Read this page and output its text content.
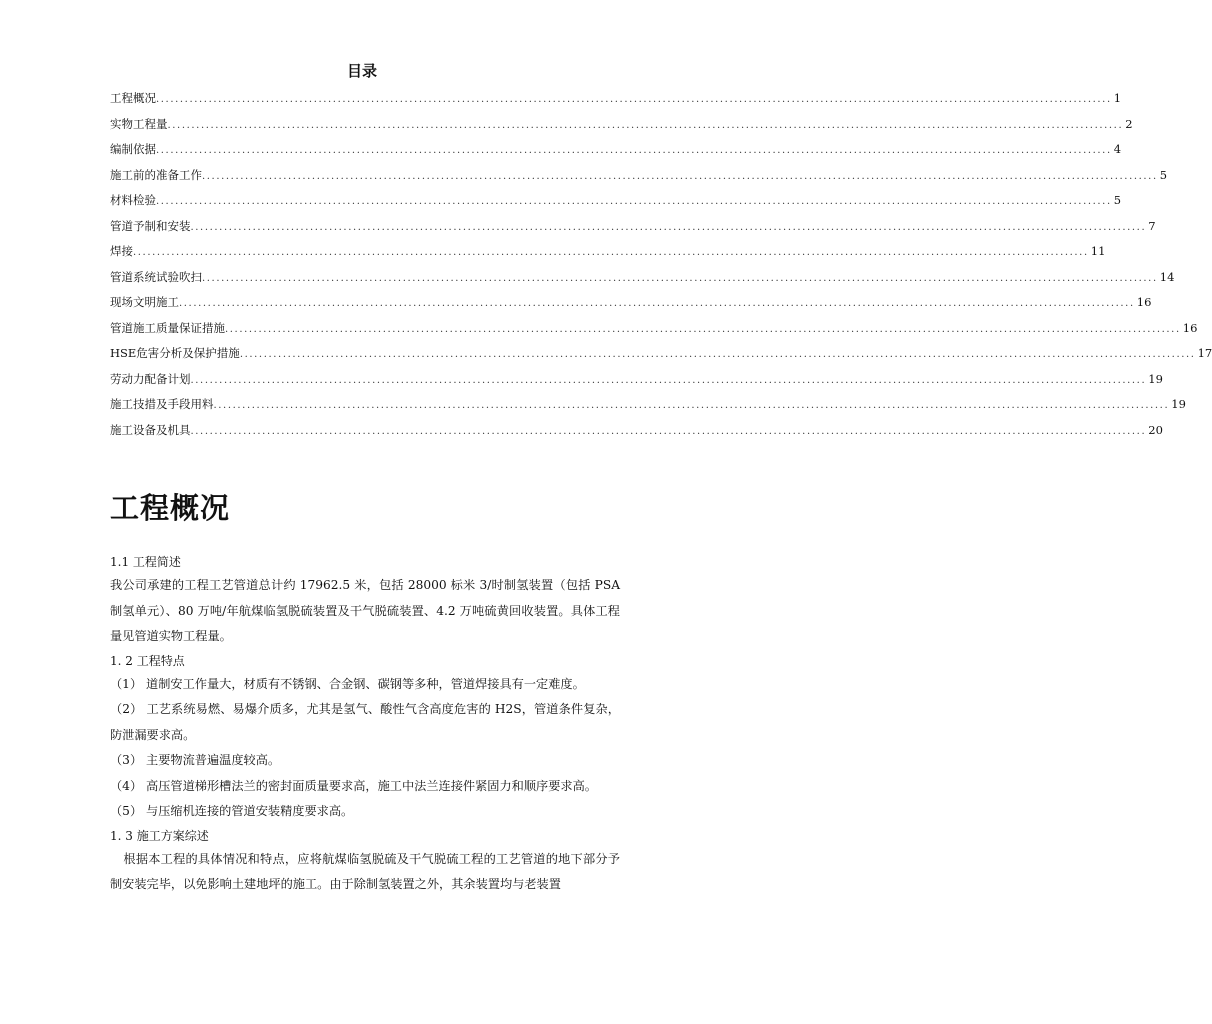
目录
工程概况 ........................................................................................................................................................................................................ 1
实物工程量 ........................................................................................................................................................................................................ 2
编制依据 ........................................................................................................................................................................................................ 4
施工前的准备工作 ........................................................................................................................................................................................................ 5
材料检验 ........................................................................................................................................................................................................ 5
管道予制和安装 ........................................................................................................................................................................................................ 7
焊接 ........................................................................................................................................................................................................ 11
管道系统试验吹扫 ........................................................................................................................................................................................................ 14
现场文明施工 ........................................................................................................................................................................................................ 16
管道施工质量保证措施 ........................................................................................................................................................................................................ 16
HSE危害分析及保护措施 ........................................................................................................................................................................................................ 17
劳动力配备计划 ........................................................................................................................................................................................................ 19
施工技措及手段用料 ........................................................................................................................................................................................................ 19
施工设备及机具 ........................................................................................................................................................................................................ 20
工程概况
1.1 工程简述

我公司承建的工程工艺管道总计约 17962.5 米，包括 28000 标米 3/时制氢装置（包括 PSA 制氢单元）、80 万吨/年航煤临氢脱硫装置及干气脱硫装置、4.2 万吨硫黄回收装置。具体工程量见管道实物工程量。

1. 2 工程特点

（1） 道制安工作量大，材质有不锈钢、合金钢、碳钢等多种，管道焊接具有一定难度。

（2） 工艺系统易燃、易爆介质多，尤其是氢气、酸性气含高度危害的 H2S，管道条件复杂，防泄漏要求高。

（3） 主要物流普遍温度较高。

（4） 高压管道梯形槽法兰的密封面质量要求高，施工中法兰连接件紧固力和顺序要求高。

（5） 与压缩机连接的管道安装精度要求高。

1. 3 施工方案综述

根据本工程的具体情况和特点，应将航煤临氢脱硫及干气脱硫工程的工艺管道的地下部分予制安装完毕，以免影响土建地坪的施工。由于除制氢装置之外，其余装置均与老装置
